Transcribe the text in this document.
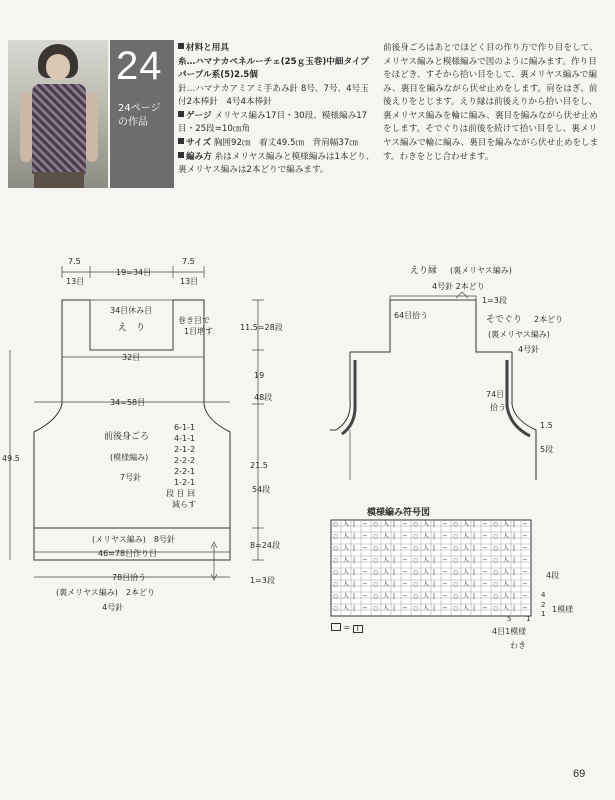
24
24ページ
の作品
材料と用具
糸…ハマナカペネルーチェ(25ｇ玉巻)中細タイプ　パープル系(5)2.5個
針…ハマナカアミアミ手あみ針 8号、7号、4号玉付2本棒針　4号4本棒針
ゲージ メリヤス編み17目・30段、模様編み17目・25段=10㎝角
サイズ 胸囲92㎝　着丈49.5㎝　背肩幅37㎝
編み方 糸はメリヤス編みと模様編みは1本どり、裏メリヤス編みは2本どりで編みます。
前後身ごろはあとでほどく目の作り方で作り目をして、メリヤス編みと模様編みで図のように編みます。作り目をほどき、すそから拾い目をして、裏メリヤス編みで編み、裏目を編みながら伏せ止めをします。肩をはぎ、前後えりをとじます。えり縁は前後えりから拾い目をし、裏メリヤス編みを輪に編み、裏目を編みながら伏せ止めをします。そでぐりは前後を続けて拾い目をし、裏メリヤス編みで輪に編み、裏目を編みながら伏せ止めをします。わきをとじ合わせます。
7.5
13目
19=34目
7.5
13目
34目休み目
え　り
巻き目で
1目増す
32目
34=58目
前後身ごろ
(模様編み)
7号針
6-1-1
4-1-1
2-1-2
2-2-2
2-2-1
1-2-1
段 目 回
減らす
(メリヤス編み)　8号針
46=78目作り目
78目拾う
(裏メリヤス編み)　2本どり
4号針
49.5
11.5=28段
19
48段
21.5
54段
8=24段
1=3段
えり縁 (裏メリヤス編み)
4号針 2本どり
1=3段
64目拾う	そでぐり 2本どり
(裏メリヤス編み)
4号針
74目
拾う
1.5
5段
○ 入 | ─ ○ 入 | ─ ○ 入 | ─ ○ 入 | ─ ○ 入 | ─
○ 入 | ─ ○ 入 | ─ ○ 入 | ─ ○ 入 | ─ ○ 入 | ─
○ 入 | ─ ○ 入 | ─ ○ 入 | ─ ○ 入 | ─ ○ 入 | ─
○ 入 | ─ ○ 入 | ─ ○ 入 | ─ ○ 入 | ─ ○ 入 | ─
○ 入 | ─ ○ 入 | ─ ○ 入 | ─ ○ 入 | ─ ○ 入 | ─
○ 入 | ─ ○ 入 | ─ ○ 入 | ─ ○ 入 | ─ ○ 入 | ─
○ 入 | ─ ○ 入 | ─ ○ 入 | ─ ○ 入 | ─ ○ 入 | ─
○ 入 | ─ ○ 入 | ─ ○ 入 | ─ ○ 入 | ─ ○ 入 | ─
4段
1模様
4目1模様
わき
5 1
4
2
1
模様編み符号図
= Ⅰ
69
